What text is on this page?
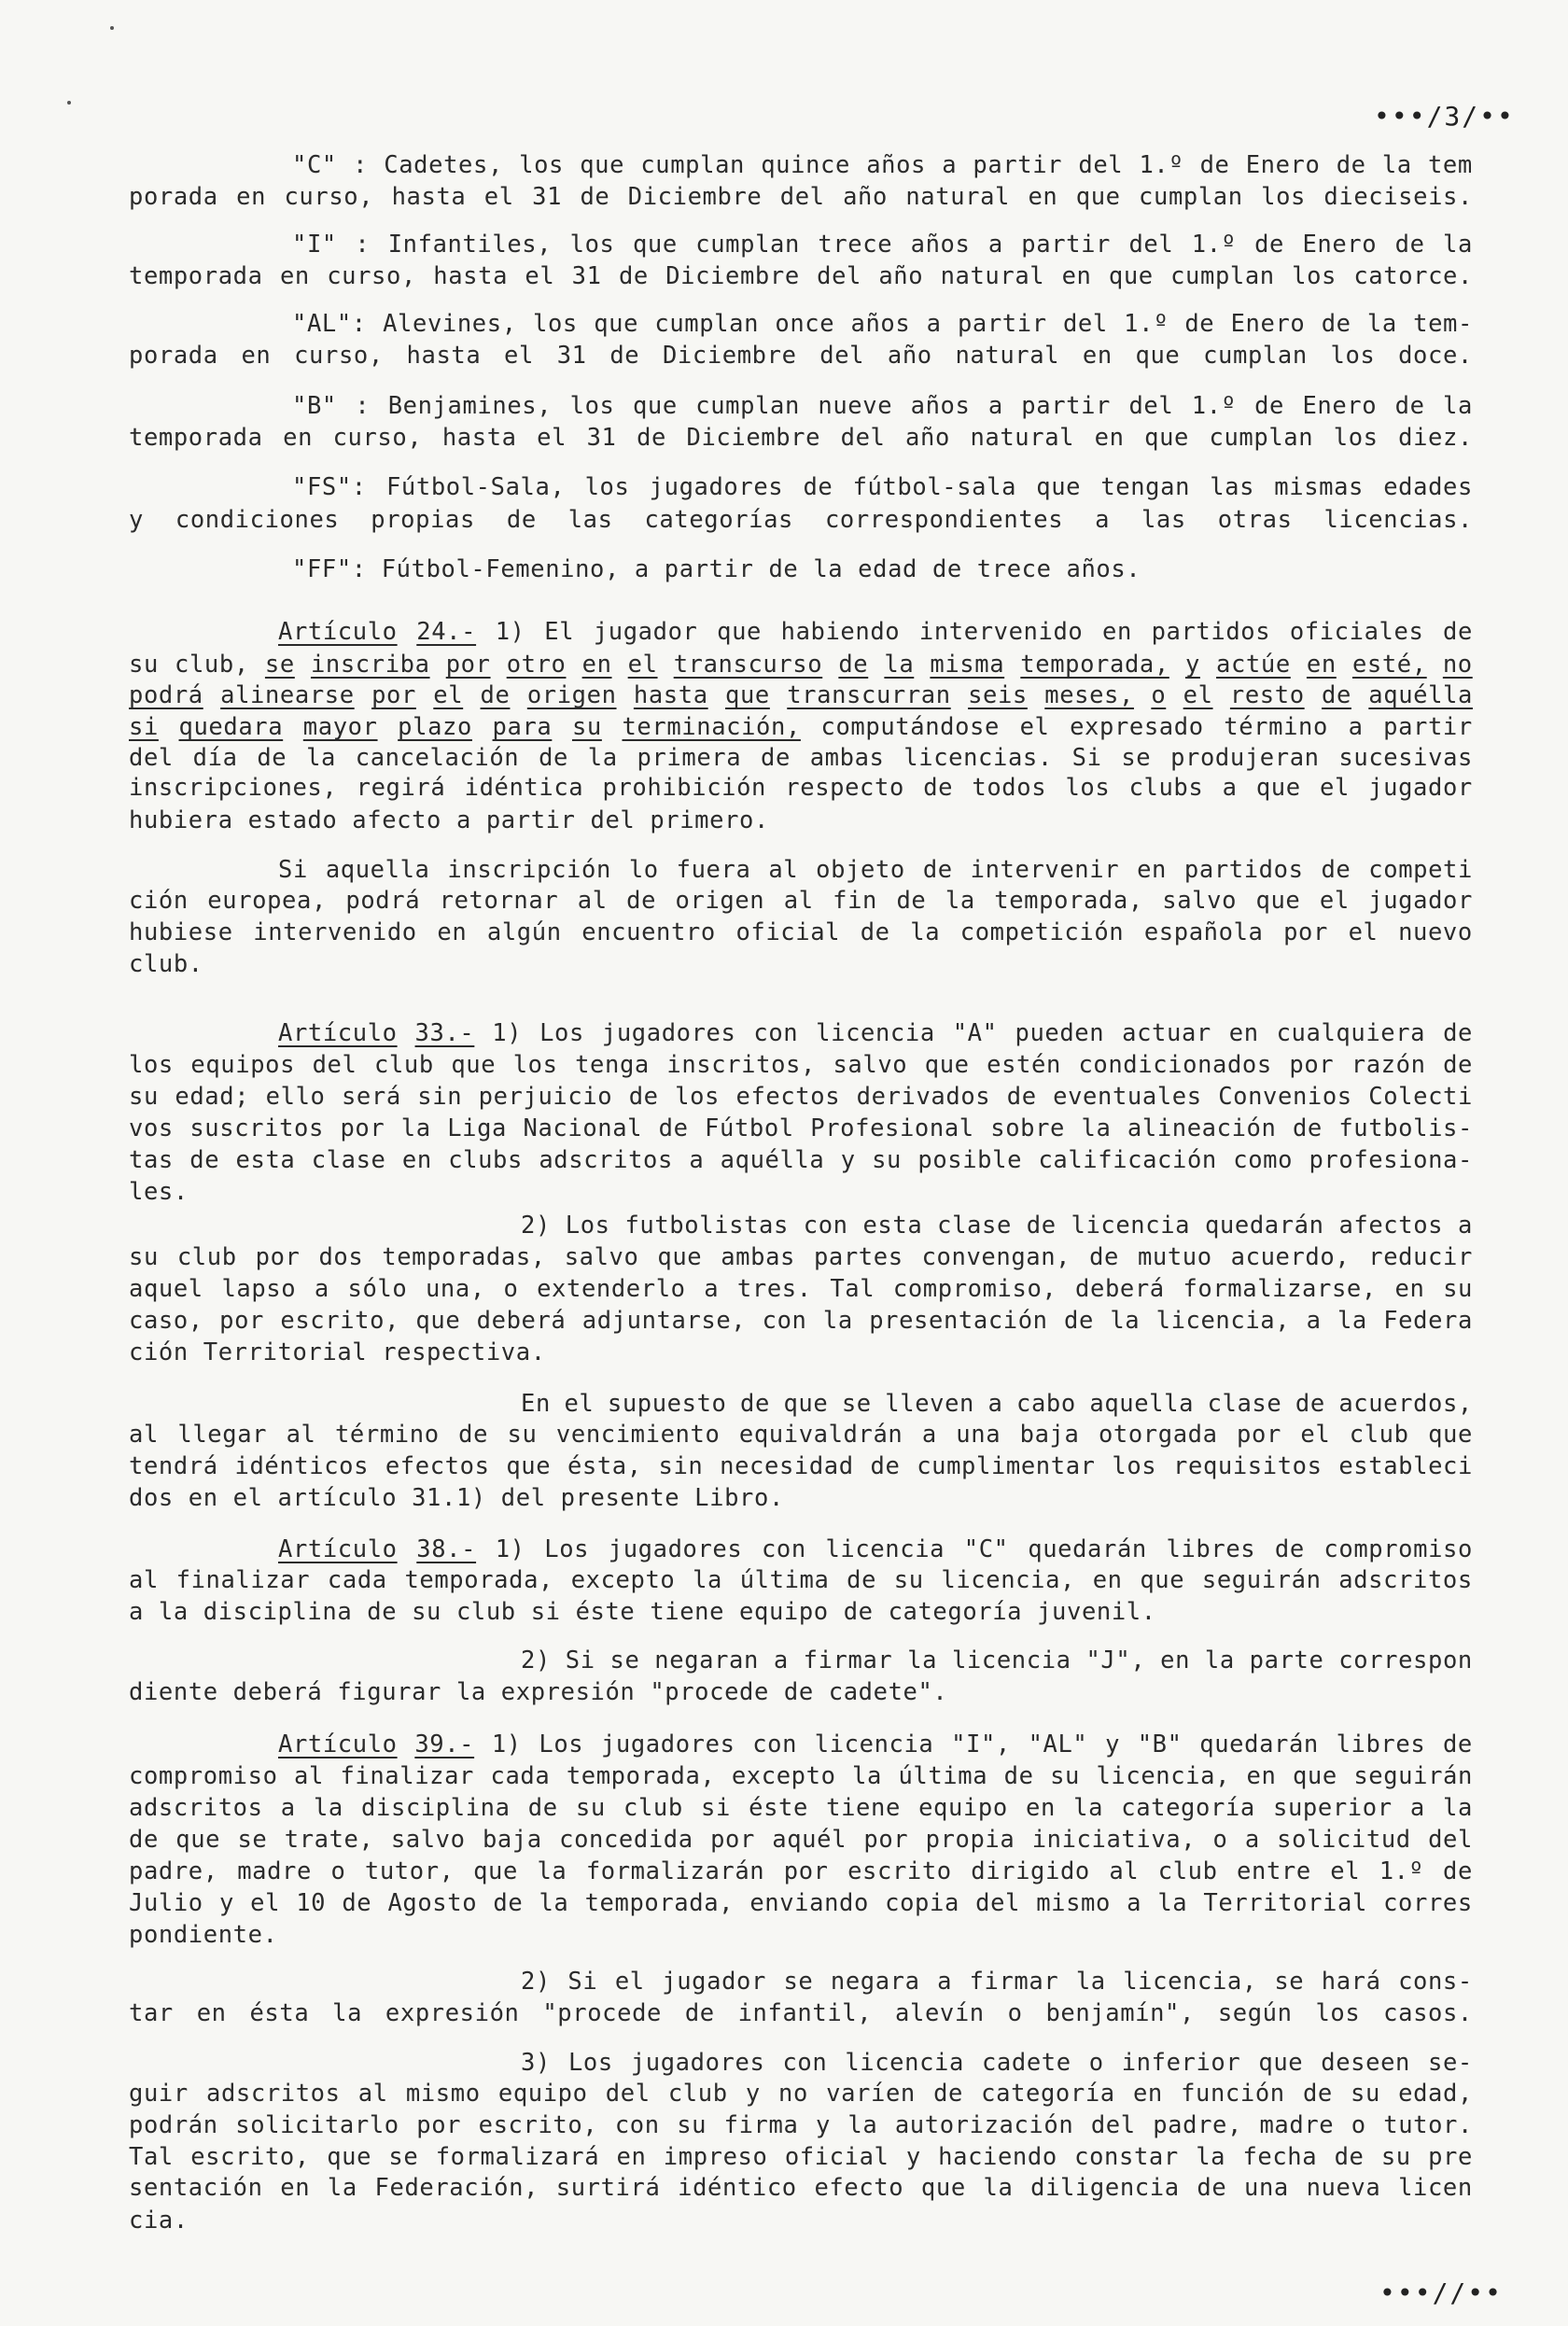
•••/3/••
"C" : Cadetes, los que cumplan quince años a partir del 1.º de Enero de la tem
porada en curso, hasta el 31 de Diciembre del año natural en que cumplan los dieciseis.
"I" : Infantiles, los que cumplan trece años a partir del 1.º de Enero de la
temporada en curso, hasta el 31 de Diciembre del año natural en que cumplan los catorce.
"AL": Alevines, los que cumplan once años a partir del 1.º de Enero de la tem-
porada en curso, hasta el 31 de Diciembre del año natural en que cumplan los doce.
"B" : Benjamines, los que cumplan nueve años a partir del 1.º de Enero de la
temporada en curso, hasta el 31 de Diciembre del año natural en que cumplan los diez.
"FS": Fútbol-Sala, los jugadores de fútbol-sala que tengan las mismas edades
y condiciones propias de las categorías correspondientes a las otras licencias.
"FF": Fútbol-Femenino, a partir de la edad de trece años.
Artículo 24.- 1) El jugador que habiendo intervenido en partidos oficiales de
su club, se inscriba por otro en el transcurso de la misma temporada, y actúe en esté, no
podrá alinearse por el de origen hasta que transcurran seis meses, o el resto de aquélla
si quedara mayor plazo para su terminación, computándose el expresado término a partir
del día de la cancelación de la primera de ambas licencias. Si se produjeran sucesivas
inscripciones, regirá idéntica prohibición respecto de todos los clubs a que el jugador
hubiera estado afecto a partir del primero.
Si aquella inscripción lo fuera al objeto de intervenir en partidos de competi
ción europea, podrá retornar al de origen al fin de la temporada, salvo que el jugador
hubiese intervenido en algún encuentro oficial de la competición española por el nuevo
club.
Artículo 33.- 1) Los jugadores con licencia "A" pueden actuar en cualquiera de
los equipos del club que los tenga inscritos, salvo que estén condicionados por razón de
su edad; ello será sin perjuicio de los efectos derivados de eventuales Convenios Colecti
vos suscritos por la Liga Nacional de Fútbol Profesional sobre la alineación de futbolis-
tas de esta clase en clubs adscritos a aquélla y su posible calificación como profesiona-
les.
2) Los futbolistas con esta clase de licencia quedarán afectos a
su club por dos temporadas, salvo que ambas partes convengan, de mutuo acuerdo, reducir
aquel lapso a sólo una, o extenderlo a tres. Tal compromiso, deberá formalizarse, en su
caso, por escrito, que deberá adjuntarse, con la presentación de la licencia, a la Federa
ción Territorial respectiva.
En el supuesto de que se lleven a cabo aquella clase de acuerdos,
al llegar al término de su vencimiento equivaldrán a una baja otorgada por el club que
tendrá idénticos efectos que ésta, sin necesidad de cumplimentar los requisitos estableci
dos en el artículo 31.1) del presente Libro.
Artículo 38.- 1) Los jugadores con licencia "C" quedarán libres de compromiso
al finalizar cada temporada, excepto la última de su licencia, en que seguirán adscritos
a la disciplina de su club si éste tiene equipo de categoría juvenil.
2) Si se negaran a firmar la licencia "J", en la parte correspon
diente deberá figurar la expresión "procede de cadete".
Artículo 39.- 1) Los jugadores con licencia "I", "AL" y "B" quedarán libres de
compromiso al finalizar cada temporada, excepto la última de su licencia, en que seguirán
adscritos a la disciplina de su club si éste tiene equipo en la categoría superior a la
de que se trate, salvo baja concedida por aquél por propia iniciativa, o a solicitud del
padre, madre o tutor, que la formalizarán por escrito dirigido al club entre el 1.º de
Julio y el 10 de Agosto de la temporada, enviando copia del mismo a la Territorial corres
pondiente.
2) Si el jugador se negara a firmar la licencia, se hará cons-
tar en ésta la expresión "procede de infantil, alevín o benjamín", según los casos.
3) Los jugadores con licencia cadete o inferior que deseen se-
guir adscritos al mismo equipo del club y no varíen de categoría en función de su edad,
podrán solicitarlo por escrito, con su firma y la autorización del padre, madre o tutor.
Tal escrito, que se formalizará en impreso oficial y haciendo constar la fecha de su pre
sentación en la Federación, surtirá idéntico efecto que la diligencia de una nueva licen
cia.
•••//••
